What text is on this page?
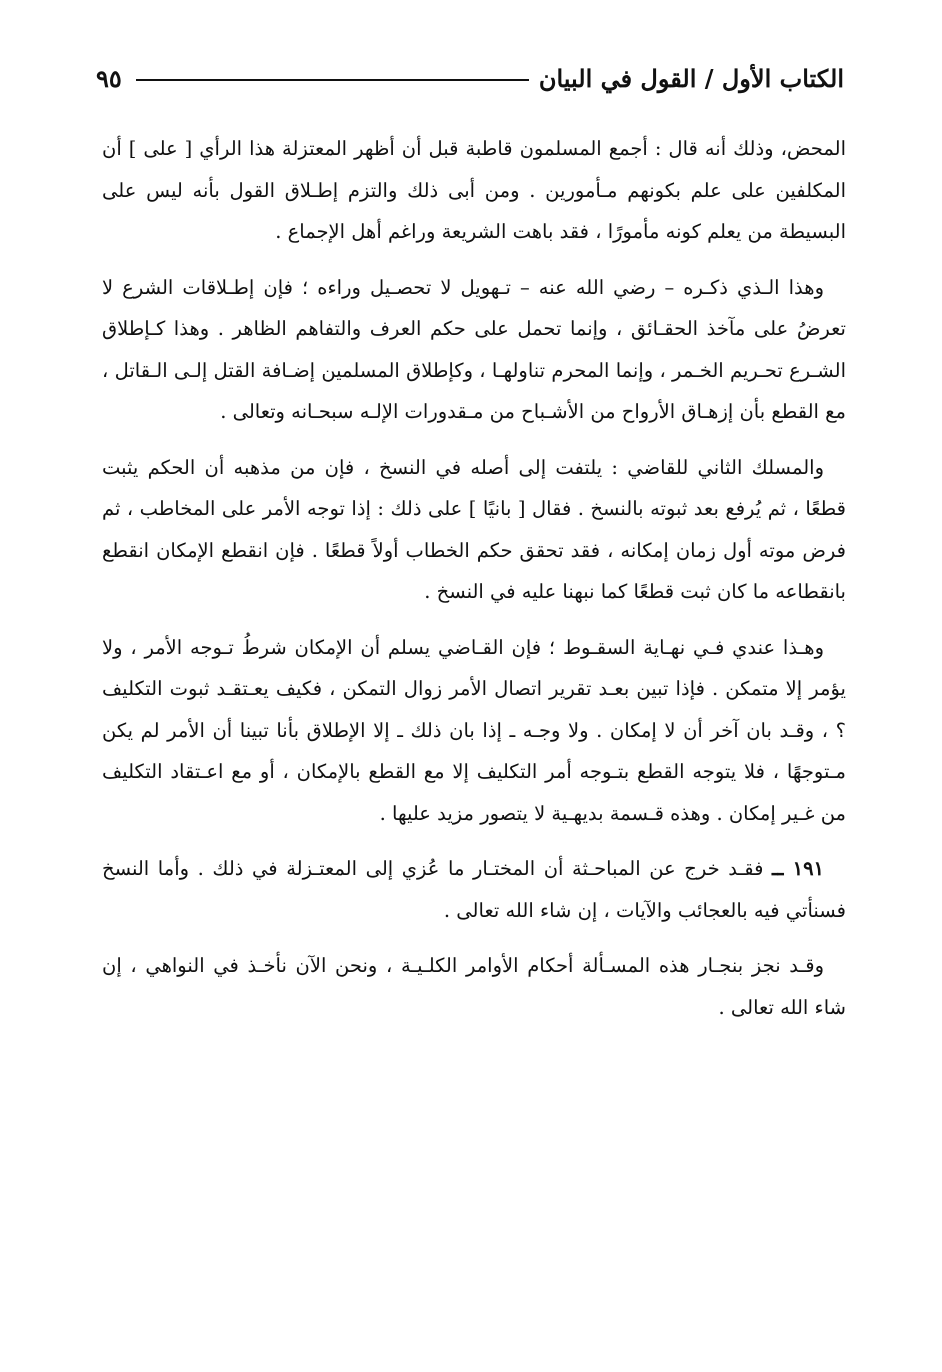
الكتاب الأول / القول في البيان
٩٥

المحض، وذلك أنه قال : أجمع المسلمون قاطبة قبل أن أظهر المعتزلة هذا الرأي [ على ] أن المكلفين على علم بكونهم مـأمورين . ومن أبى ذلك والتزم إطـلاق القول بأنه ليس على البسيطة من يعلم كونه مأمورًا ، فقد باهت الشريعة وراغم أهل الإجماع .

وهذا الـذي ذكـره – رضي الله عنه – تـهويل لا تحصـيل وراءه ؛ فإن إطـلاقات الشرع لا تعرضُ على مآخذ الحقـائق ، وإنما تحمل على حكم العرف والتفاهم الظاهر . وهذا كـإطلاق الشـرع تحـريم الخـمر ، وإنما المحرم تناولهـا ، وكإطلاق المسلمين إضـافة القتل إلـى الـقاتل ، مع القطع بأن إزهـاق الأرواح من الأشـباح من مـقدورات الإلـه سبحـانه وتعالى .

والمسلك الثاني للقاضي : يلتفت إلى أصله في النسخ ، فإن من مذهبه أن الحكم يثبت قطعًا ، ثم يُرفع بعد ثبوته بالنسخ . فقال [ بانيًا ] على ذلك : إذا توجه الأمر على المخاطب ، ثم فرض موته أول زمان إمكانه ، فقد تحقق حكم الخطاب أولاً قطعًا . فإن انقطع الإمكان انقطع بانقطاعه ما كان ثبت قطعًا كما نبهنا عليه في النسخ .

وهـذا عندي فـي نهـاية السقـوط ؛ فإن القـاضي يسلم أن الإمكان شرطُ تـوجه الأمر ، ولا يؤمر إلا متمكن . فإذا تبين بعـد تقرير اتصال الأمر زوال التمكن ، فكيف يعـتقـد ثبوت التكليف ؟ ، وقـد بان آخر أن لا إمكان . ولا وجـه ـ إذا بان ذلك ـ إلا الإطلاق بأنا تبينا أن الأمر لم يكن مـتوجهًا ، فلا يتوجه القطع بتـوجه أمر التكليف إلا مع القطع بالإمكان ، أو مع اعـتقاد التكليف من غـير إمكان . وهذه قـسمة بديهـية لا يتصور مزيد عليها .

١٩١ ــ فقـد خرج عن المباحـثة أن المختـار ما عُزي إلى المعتـزلة في ذلك . وأما النسخ فسنأتي فيه بالعجائب والآيات ، إن شاء الله تعالى .

وقـد نجز بنجـار هذه المسـألة أحكام الأوامر الكلـيـة ، ونحن الآن نأخـذ في النواهي ، إن شاء الله تعالى .
